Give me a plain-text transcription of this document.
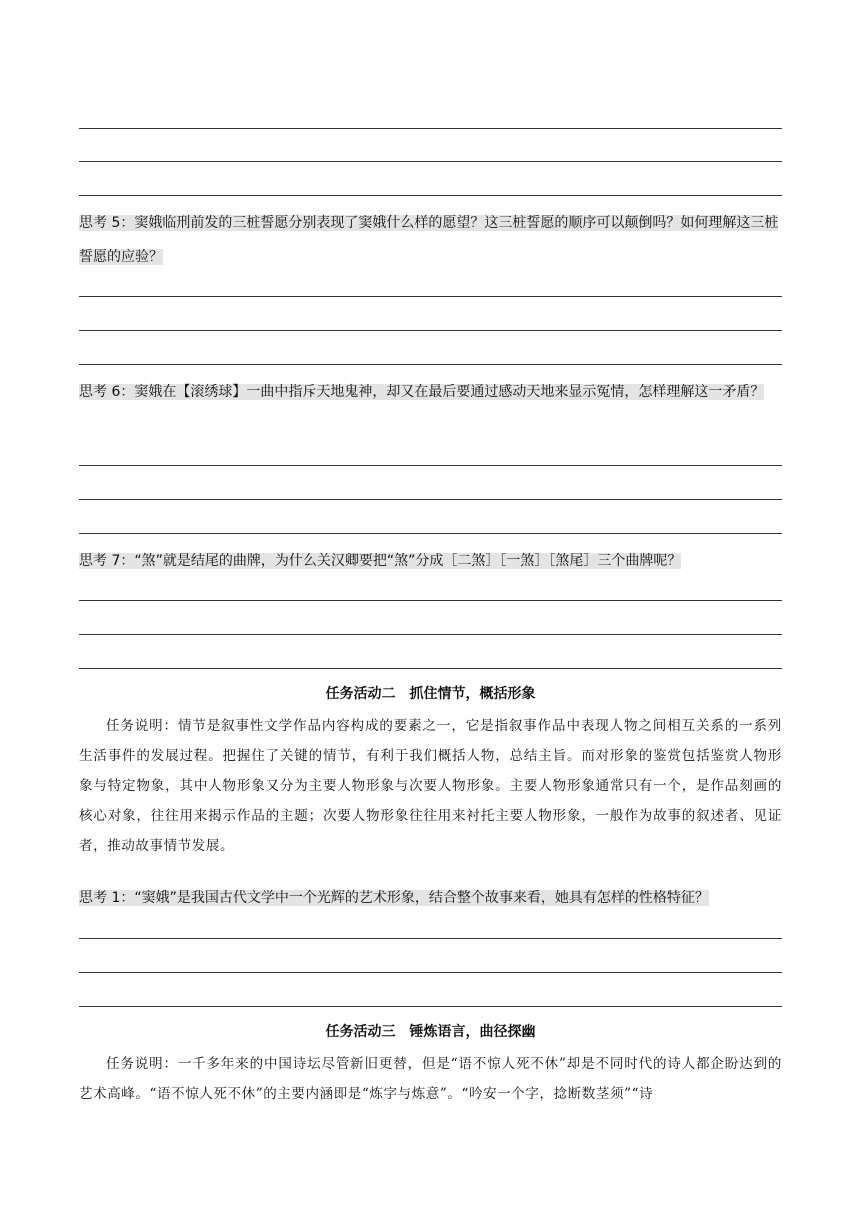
思考 5：窦娥临刑前发的三桩誓愿分别表现了窦娥什么样的愿望？这三桩誓愿的顺序可以颠倒吗？如何理解这三桩誓愿的应验？
思考 6：窦娥在【滚绣球】一曲中指斥天地鬼神，却又在最后要通过感动天地来显示冤情，怎样理解这一矛盾？
思考 7：“煞”就是结尾的曲牌，为什么关汉卿要把“煞”分成［二煞］［一煞］［煞尾］三个曲牌呢？
任务活动二　抓住情节，概括形象
任务说明：情节是叙事性文学作品内容构成的要素之一，它是指叙事作品中表现人物之间相互关系的一系列生活事件的发展过程。把握住了关键的情节，有利于我们概括人物，总结主旨。而对形象的鉴赏包括鉴赏人物形象与特定物象，其中人物形象又分为主要人物形象与次要人物形象。主要人物形象通常只有一个，是作品刻画的核心对象，往往用来揭示作品的主题；次要人物形象往往用来衬托主要人物形象，一般作为故事的叙述者、见证者，推动故事情节发展。
思考 1：“窦娥”是我国古代文学中一个光辉的艺术形象，结合整个故事来看，她具有怎样的性格特征？
任务活动三　锤炼语言，曲径探幽
任务说明：一千多年来的中国诗坛尽管新旧更替，但是“语不惊人死不休”却是不同时代的诗人都企盼达到的艺术高峰。“语不惊人死不休”的主要内涵即是“炼字与炼意”。“吟安一个字，捻断数茎须”“诗
